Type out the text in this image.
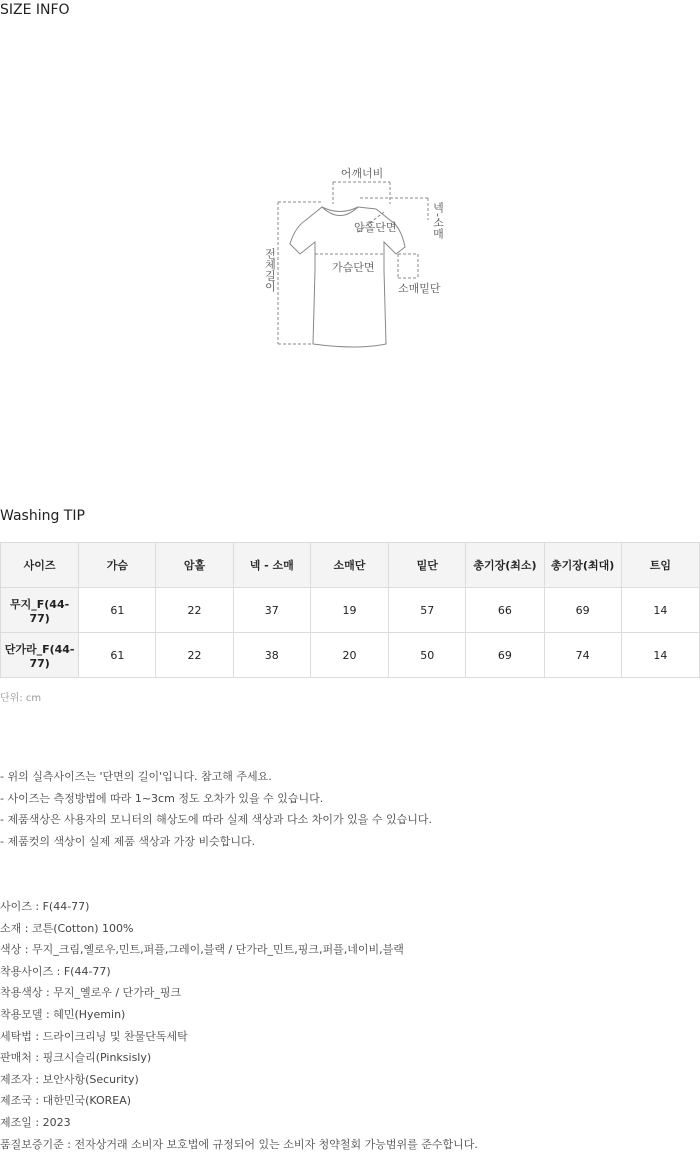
SIZE INFO
어깨너비
넥-소매
암홀단면
가슴단면
전체길이	소매밑단
Washing TIP
사이즈	가슴	암홀	넥 - 소매	소매단	밑단	총기장(최소)	총기장(최대)	트임
무지_F(44-77)	61	22	37	19	57	66	69	14
단가라_F(44-77)	61	22	38	20	50	69	74	14
단위: cm
- 위의 실측사이즈는 '단면의 길이'입니다. 참고해 주세요.
- 사이즈는 측정방법에 따라 1~3cm 정도 오차가 있을 수 있습니다.
- 제품색상은 사용자의 모니터의 해상도에 따라 실제 색상과 다소 차이가 있을 수 있습니다.
- 제품컷의 색상이 실제 제품 색상과 가장 비슷합니다.
사이즈 : F(44-77)
소재 : 코튼(Cotton) 100%
색상 : 무지_크림,옐로우,민트,퍼플,그레이,블랙 / 단가라_민트,핑크,퍼플,네이비,블랙
착용사이즈 : F(44-77)
착용색상 : 무지_옐로우 / 단가라_핑크
착용모델 : 혜민(Hyemin)
세탁법 : 드라이크리닝 및 찬물단독세탁
판매처 : 핑크시슬리(Pinksisly)
제조자 : 보안사항(Security)
제조국 : 대한민국(KOREA)
제조일 : 2023
품질보증기준 : 전자상거래 소비자 보호법에 규정되어 있는 소비자 청약철회 가능범위를 준수합니다.
